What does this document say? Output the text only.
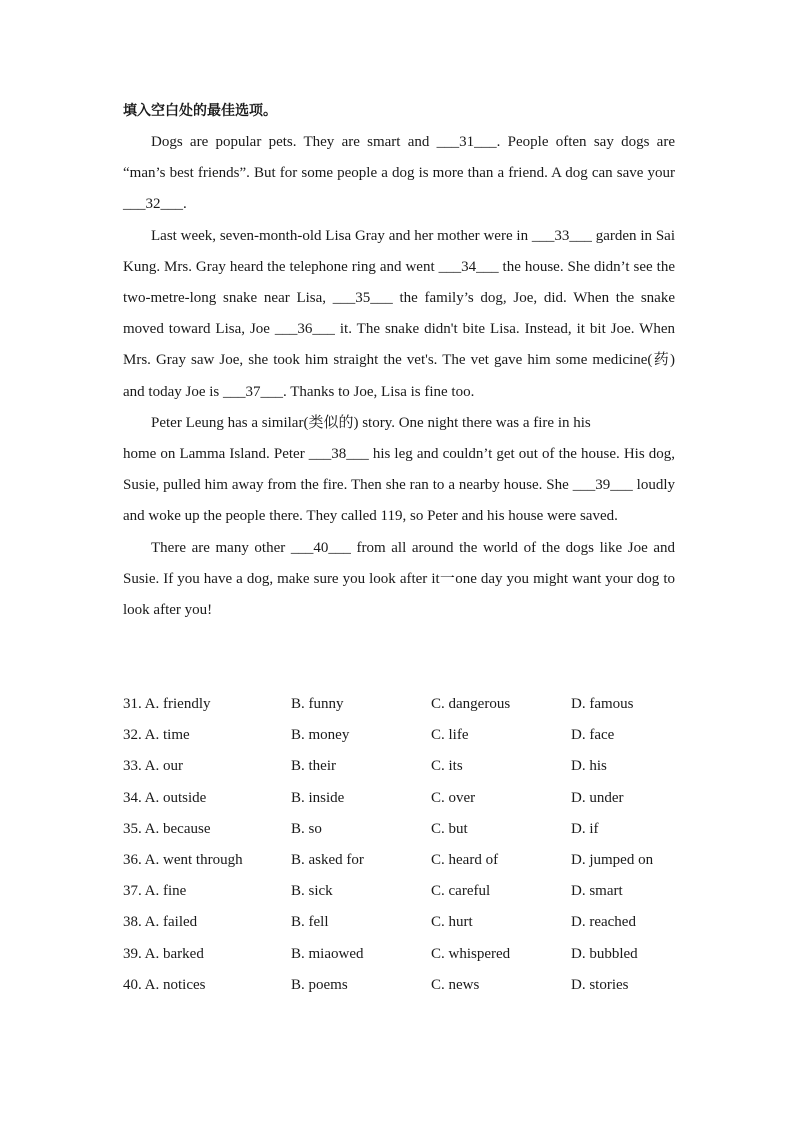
填入空白处的最佳选项。

Dogs are popular pets. They are smart and ___31___. People often say dogs are “man’s best friends”. But for some people a dog is more than a friend. A dog can save your ___32___.

Last week, seven-month-old Lisa Gray and her mother were in ___33___ garden in Sai Kung. Mrs. Gray heard the telephone ring and went ___34___ the house. She didn’t see the two-metre-long snake near Lisa, ___35___ the family’s dog, Joe, did. When the snake moved toward Lisa, Joe ___36___ it. The snake didn't bite Lisa. Instead, it bit Joe. When Mrs. Gray saw Joe, she took him straight the vet's. The vet gave him some medicine(药) and today Joe is ___37___. Thanks to Joe, Lisa is fine too.

Peter Leung has a similar(类似的) story. One night there was a fire in his

home on Lamma Island. Peter ___38___ his leg and couldn’t get out of the house. His dog, Susie, pulled him away from the fire. Then she ran to a nearby house. She ___39___ loudly and woke up the people there. They called 119, so Peter and his house were saved.

There are many other ___40___ from all around the world of the dogs like Joe and Susie. If you have a dog, make sure you look after it一one day you might want your dog to look after you!

31. A. friendly	B. funny	C. dangerous	D. famous
32. A. time	B. money	C. life	D. face
33. A. our	B. their	C. its	D. his
34. A. outside	B. inside	C. over	D. under
35. A. because	B. so	C. but	D. if
36. A. went through	B. asked for	C. heard of	D. jumped on
37. A. fine	B. sick	C. careful	D. smart
38. A. failed	B. fell	C. hurt	D. reached
39. A. barked	B. miaowed	C. whispered	D. bubbled
40. A. notices	B. poems	C. news	D. stories
